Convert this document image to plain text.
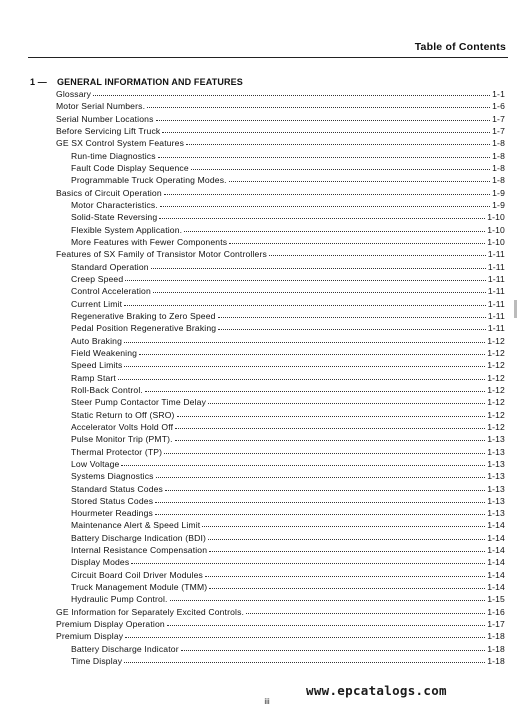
Table of Contents
1 — GENERAL INFORMATION AND FEATURES
Glossary	1-1
Motor Serial Numbers.	1-6
Serial Number Locations	1-7
Before Servicing Lift Truck	1-7
GE SX Control System Features	1-8
Run-time Diagnostics	1-8
Fault Code Display Sequence	1-8
Programmable Truck Operating Modes.	1-8
Basics of Circuit Operation	1-9
Motor Characteristics.	1-9
Solid-State Reversing	1-10
Flexible System Application.	1-10
More Features with Fewer Components	1-10
Features of SX Family of Transistor Motor Controllers	1-11
Standard Operation	1-11
Creep Speed	1-11
Control Acceleration	1-11
Current Limit	1-11
Regenerative Braking to Zero Speed	1-11
Pedal Position Regenerative Braking	1-11
Auto Braking	1-12
Field Weakening	1-12
Speed Limits	1-12
Ramp Start	1-12
Roll-Back Control.	1-12
Steer Pump Contactor Time Delay	1-12
Static Return to Off (SRO)	1-12
Accelerator Volts Hold Off	1-12
Pulse Monitor Trip (PMT).	1-13
Thermal Protector (TP)	1-13
Low Voltage	1-13
Systems Diagnostics	1-13
Standard Status Codes	1-13
Stored Status Codes	1-13
Hourmeter Readings	1-13
Maintenance Alert & Speed Limit	1-14
Battery Discharge Indication (BDI)	1-14
Internal Resistance Compensation	1-14
Display Modes	1-14
Circuit Board Coil Driver Modules	1-14
Truck Management Module (TMM)	1-14
Hydraulic Pump Control.	1-15
GE Information for Separately Excited Controls.	1-16
Premium Display Operation	1-17
Premium Display	1-18
Battery Discharge Indicator	1-18
Time Display	1-18
iii
www.epcatalogs.com
